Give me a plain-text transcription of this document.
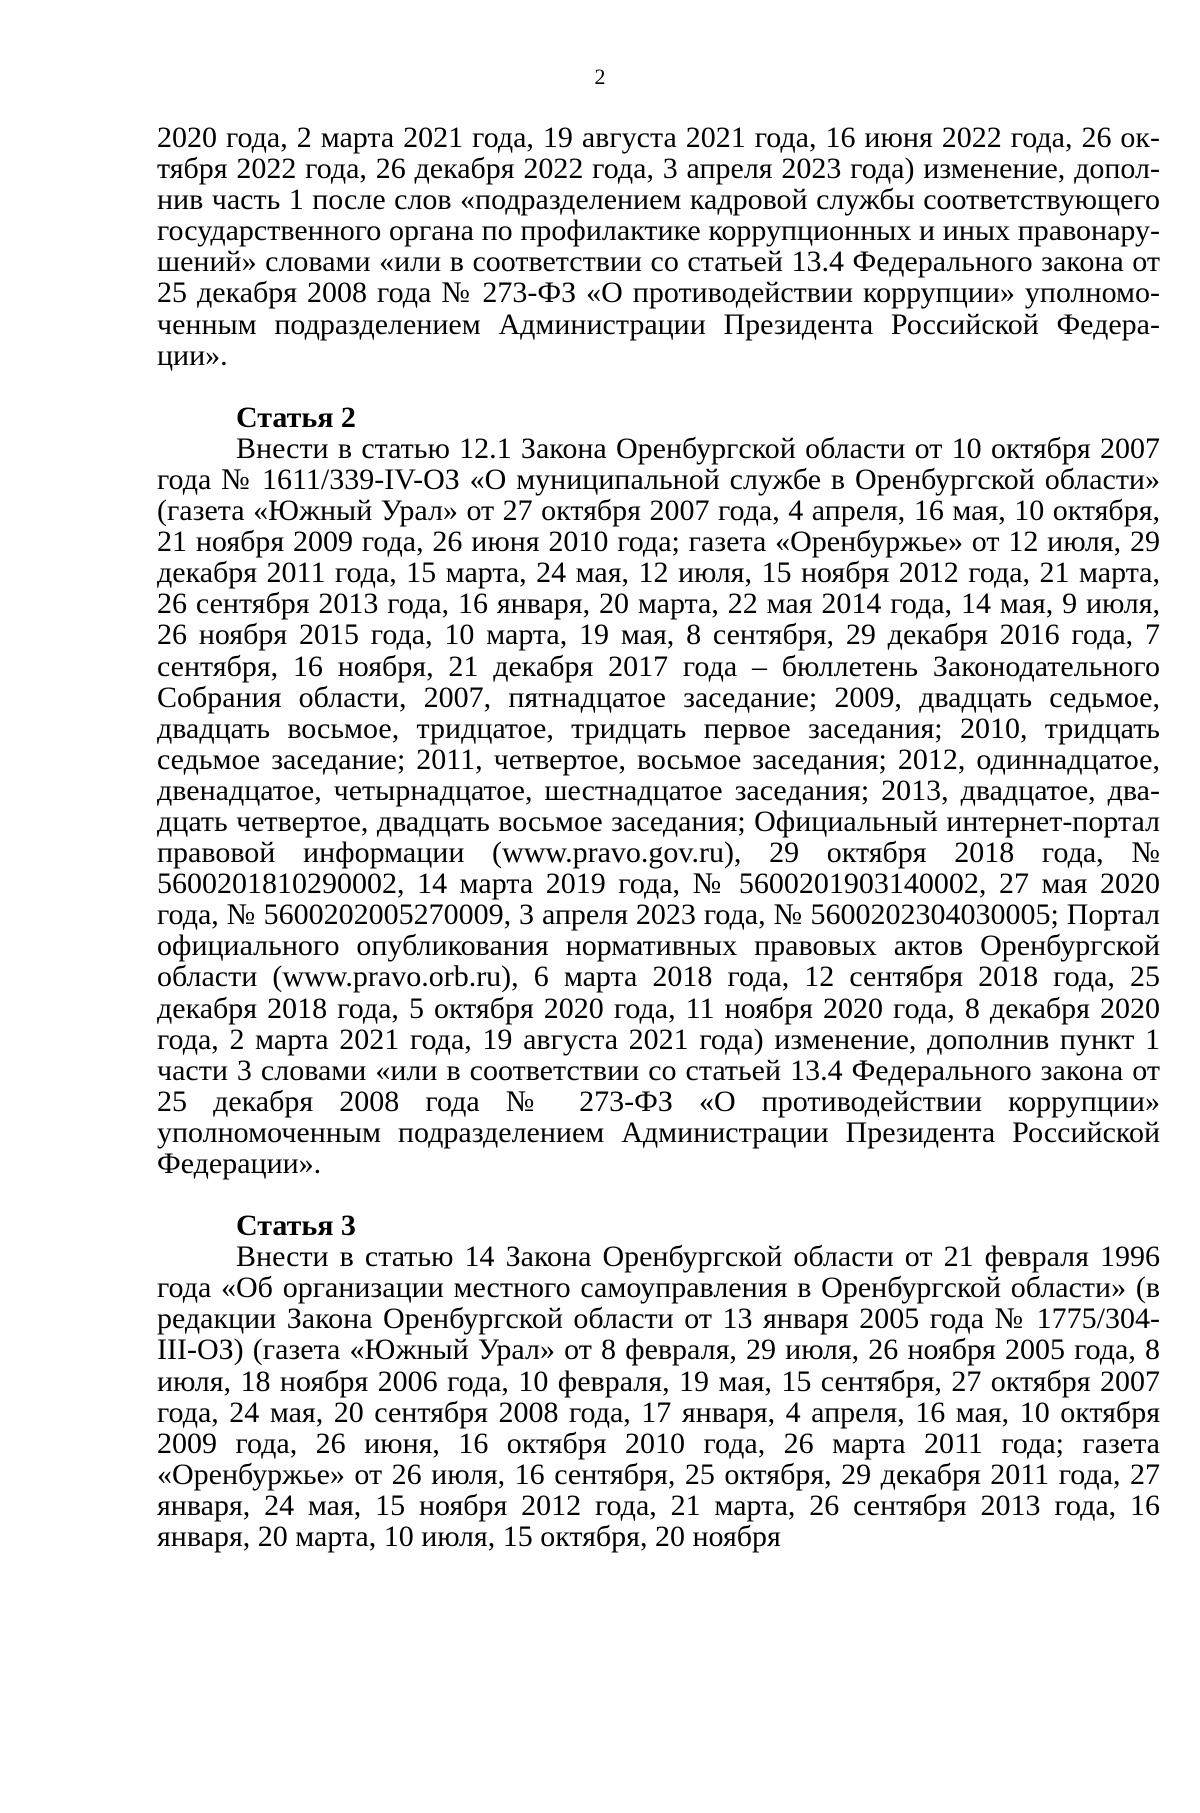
2

2020 года, 2 марта 2021 года, 19 августа 2021 года, 16 июня 2022 года, 26 октября 2022 года, 26 декабря 2022 года, 3 апреля 2023 года) изменение, дополнив часть 1 после слов «подразделением кадровой службы соответствующего государственного органа по профилактике коррупционных и иных правонарушений» словами «или в соответствии со статьей 13.4 Федерального закона от 25 декабря 2008 года № 273-ФЗ «О противодействии коррупции» уполномоченным подразделением Администрации Президента Российской Федерации».

Статья 2

Внести в статью 12.1 Закона Оренбургской области от 10 октября 2007 года № 1611/339-IV-ОЗ «О муниципальной службе в Оренбургской области» (газета «Южный Урал» от 27 октября 2007 года, 4 апреля, 16 мая, 10 октября, 21 ноября 2009 года, 26 июня 2010 года; газета «Оренбуржье» от 12 июля, 29 декабря 2011 года, 15 марта, 24 мая, 12 июля, 15 ноября 2012 года, 21 марта, 26 сентября 2013 года, 16 января, 20 марта, 22 мая 2014 года, 14 мая, 9 июля, 26 ноября 2015 года, 10 марта, 19 мая, 8 сентября, 29 декабря 2016 года, 7 сентября, 16 ноября, 21 декабря 2017 года – бюллетень Законодательного Собрания области, 2007, пятнадцатое заседание; 2009, двадцать седьмое, двадцать восьмое, тридцатое, тридцать первое заседания; 2010, тридцать седьмое заседание; 2011, четвертое, восьмое заседания; 2012, одиннадцатое, двенадцатое, четырнадцатое, шестнадцатое заседания; 2013, двадцатое, двадцать четвертое, двадцать восьмое заседания; Официальный интернет-портал правовой информации (www.pravo.gov.ru), 29 октября 2018 года, № 5600201810290002, 14 марта 2019 года, № 5600201903140002, 27 мая 2020 года, № 5600202005270009, 3 апреля 2023 года, № 5600202304030005; Портал официального опубликования нормативных правовых актов Оренбургской области (www.pravo.orb.ru), 6 марта 2018 года, 12 сентября 2018 года, 25 декабря 2018 года, 5 октября 2020 года, 11 ноября 2020 года, 8 декабря 2020 года, 2 марта 2021 года, 19 августа 2021 года) изменение, дополнив пункт 1 части 3 словами «или в соответствии со статьей 13.4 Федерального закона от 25 декабря 2008 года № 273-ФЗ «О противодействии коррупции» уполномоченным подразделением Администрации Президента Российской Федерации».

Статья 3

Внести в статью 14 Закона Оренбургской области от 21 февраля 1996 года «Об организации местного самоуправления в Оренбургской области» (в редакции Закона Оренбургской области от 13 января 2005 года № 1775/304-III-ОЗ) (газета «Южный Урал» от 8 февраля, 29 июля, 26 ноября 2005 года, 8 июля, 18 ноября 2006 года, 10 февраля, 19 мая, 15 сентября, 27 октября 2007 года, 24 мая, 20 сентября 2008 года, 17 января, 4 апреля, 16 мая, 10 октября 2009 года, 26 июня, 16 октября 2010 года, 26 марта 2011 года; газета «Оренбуржье» от 26 июля, 16 сентября, 25 октября, 29 декабря 2011 года, 27 января, 24 мая, 15 ноября 2012 года, 21 марта, 26 сентября 2013 года, 16 января, 20 марта, 10 июля, 15 октября, 20 ноября
